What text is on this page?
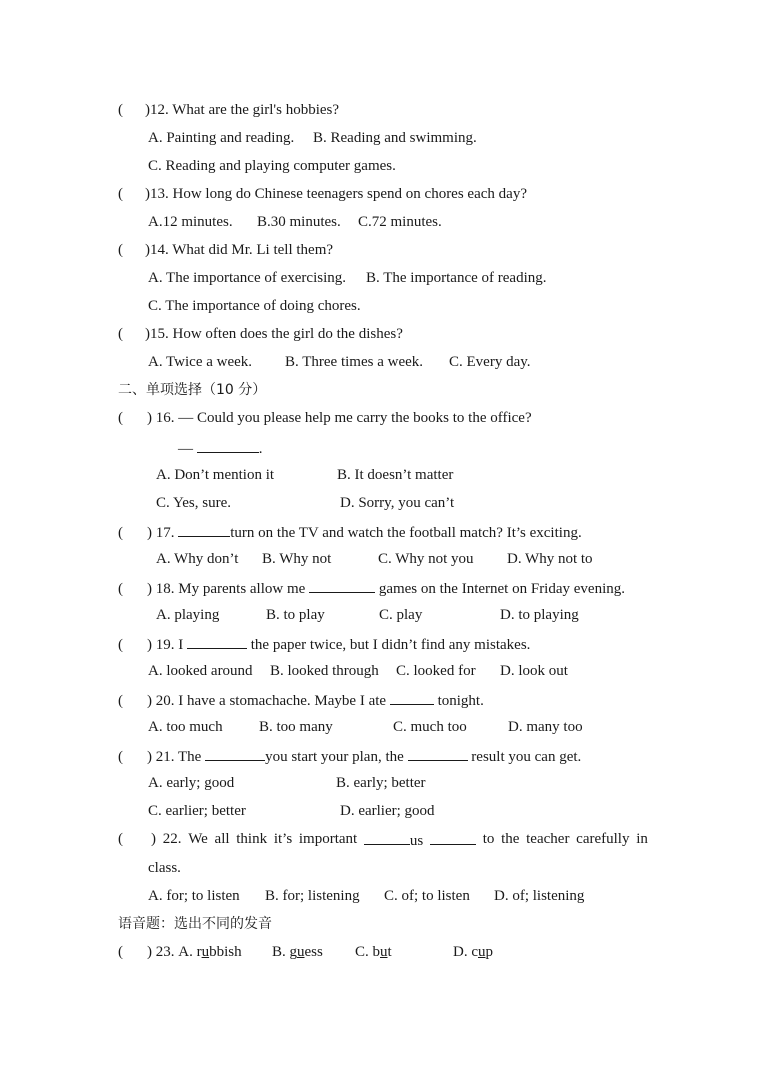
( )12. What are the girl's hobbies?
A. Painting and reading. B. Reading and swimming.
C. Reading and playing computer games.
( )13. How long do Chinese teenagers spend on chores each day?
A.12 minutes. B.30 minutes. C.72 minutes.
( )14. What did Mr. Li tell them?
A. The importance of exercising. B. The importance of reading.
C. The importance of doing chores.
( )15. How often does the girl do the dishes?
A. Twice a week. B. Three times a week. C. Every day.
二、单项选择（10 分）
( ) 16. — Could you please help me carry the books to the office?
—	.
A. Don’t mention it	B. It doesn’t matter
C. Yes, sure.	D. Sorry, you can’t
( ) 17.	turn on the TV and watch the football match? It’s exciting.
A. Why don’t B. Why not	C. Why not you D. Why not to
( ) 18. My parents allow me	games on the Internet on Friday evening.
A. playing	B. to play	C. play	D. to playing
( ) 19. I	the paper twice, but I didn’t find any mistakes.
A. looked around B. looked through C. looked for D. look out
( ) 20. I have a stomachache. Maybe I ate	tonight.
A. too much B. too many	C. much too	D. many too
( ) 21. The	you start your plan, the	result you can get.
A. early; good	B. early; better
C. earlier; better	D. earlier; good
( ) 22. We all think it’s important	us	to the teacher carefully in
class.
A. for; to listen B. for; listening C. of; to listen D. of; listening
语音题：选出不同的发音
( ) 23. A. rubbish B. guess C. but	D. cup
